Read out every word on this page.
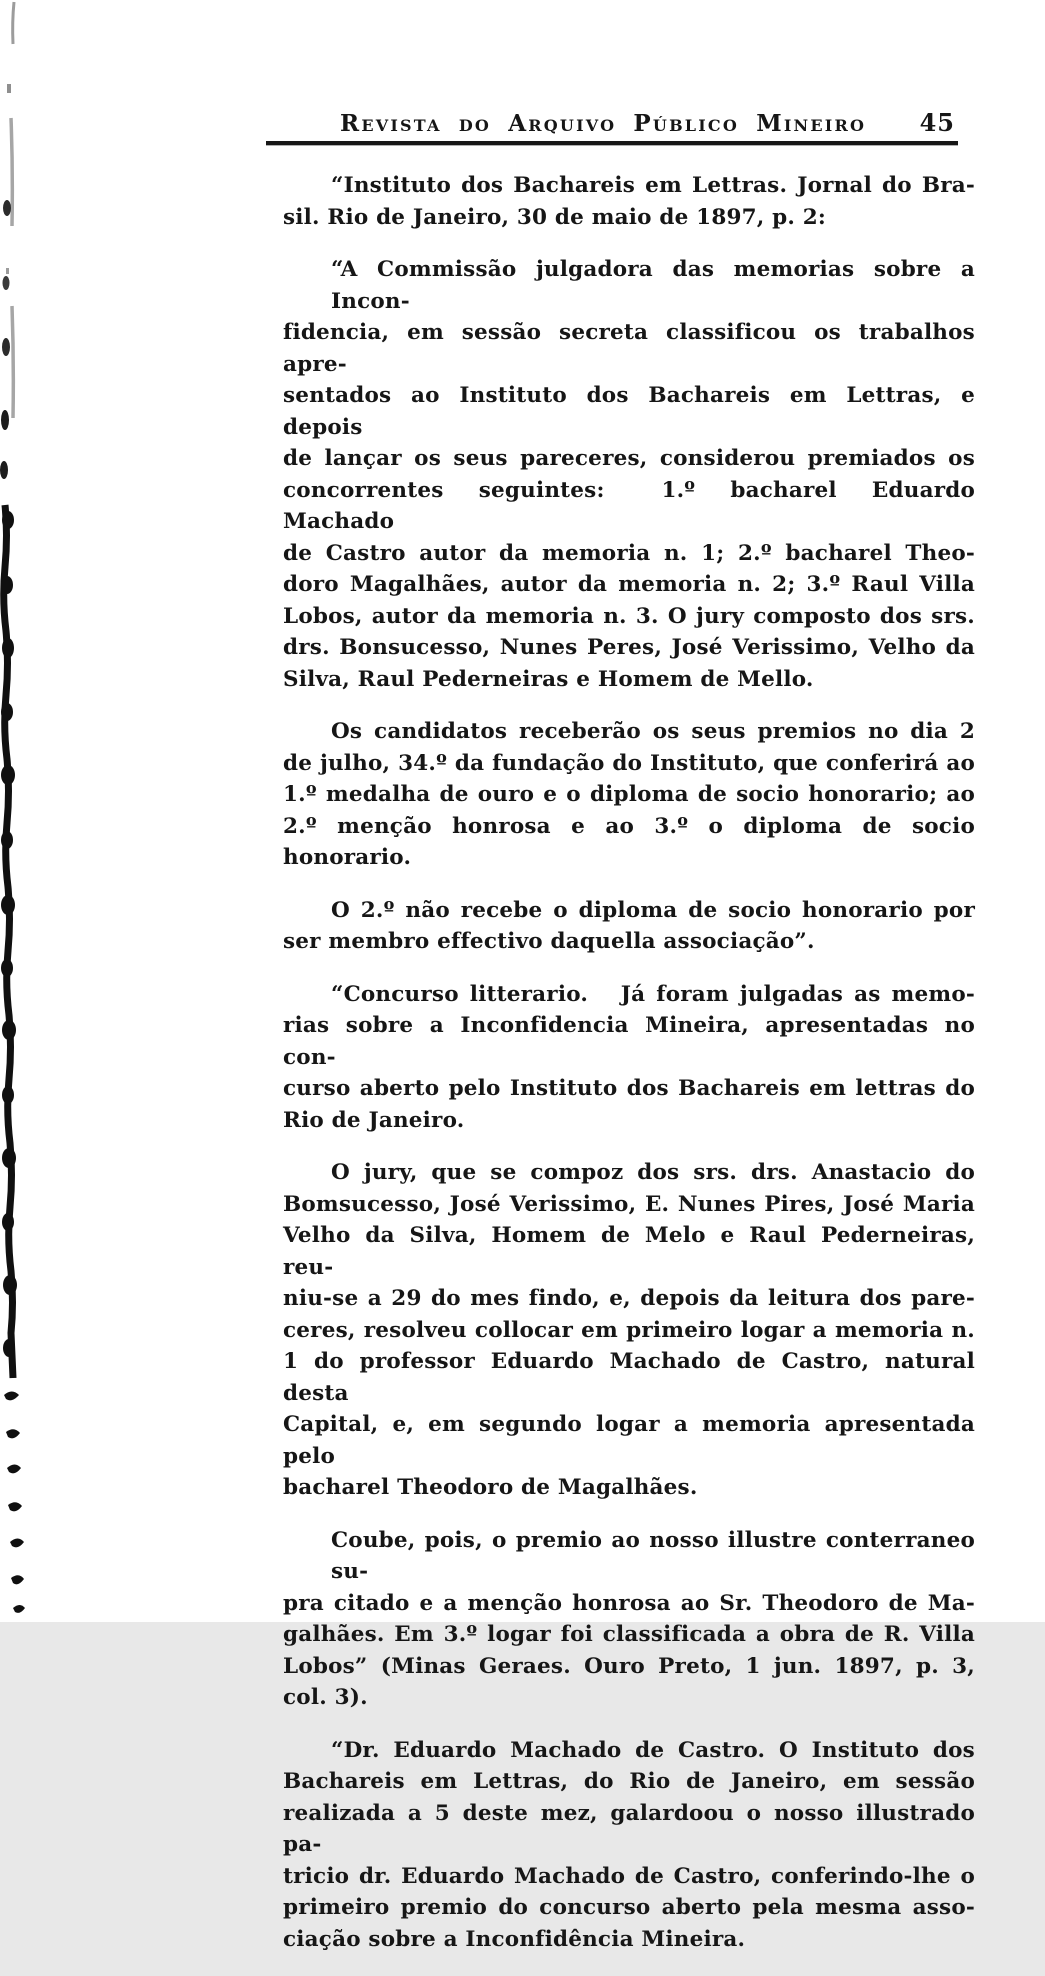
Revista do Arquivo Público Mineiro 45

“Instituto dos Bachareis em Lettras. Jornal do Bra-
sil. Rio de Janeiro, 30 de maio de 1897, p. 2:

“A Commissão julgadora das memorias sobre a Incon-
fidencia, em sessão secreta classificou os trabalhos apre-
sentados ao Instituto dos Bachareis em Lettras, e depois
de lançar os seus pareceres, considerou premiados os
concorrentes seguintes:  1.º bacharel Eduardo Machado
de Castro autor da memoria n. 1; 2.º bacharel Theo-
doro Magalhães, autor da memoria n. 2; 3.º Raul Villa
Lobos, autor da memoria n. 3. O jury composto dos srs.
drs. Bonsucesso, Nunes Peres, José Verissimo, Velho da
Silva, Raul Pederneiras e Homem de Mello.

Os candidatos receberão os seus premios no dia 2
de julho, 34.º da fundação do Instituto, que conferirá ao
1.º medalha de ouro e o diploma de socio honorario; ao
2.º menção honrosa e ao 3.º o diploma de socio honorario.

O 2.º não recebe o diploma de socio honorario por
ser membro effectivo daquella associação”.

“Concurso litterario.  Já foram julgadas as memo-
rias sobre a Inconfidencia Mineira, apresentadas no con-
curso aberto pelo Instituto dos Bachareis em lettras do
Rio de Janeiro.

O jury, que se compoz dos srs. drs. Anastacio do
Bomsucesso, José Verissimo, E. Nunes Pires, José Maria
Velho da Silva, Homem de Melo e Raul Pederneiras, reu-
niu-se a 29 do mes findo, e, depois da leitura dos pare-
ceres, resolveu collocar em primeiro logar a memoria n.
1 do professor Eduardo Machado de Castro, natural desta
Capital, e, em segundo logar a memoria apresentada pelo
bacharel Theodoro de Magalhães.

Coube, pois, o premio ao nosso illustre conterraneo su-
pra citado e a menção honrosa ao Sr. Theodoro de Ma-
galhães. Em 3.º logar foi classificada a obra de R. Villa
Lobos” (Minas Geraes. Ouro Preto, 1 jun. 1897, p. 3,
col. 3).

“Dr. Eduardo Machado de Castro. O Instituto dos
Bachareis em Lettras, do Rio de Janeiro, em sessão
realizada a 5 deste mez, galardoou o nosso illustrado pa-
tricio dr. Eduardo Machado de Castro, conferindo-lhe o
primeiro premio do concurso aberto pela mesma asso-
ciação sobre a Inconfidência Mineira.
